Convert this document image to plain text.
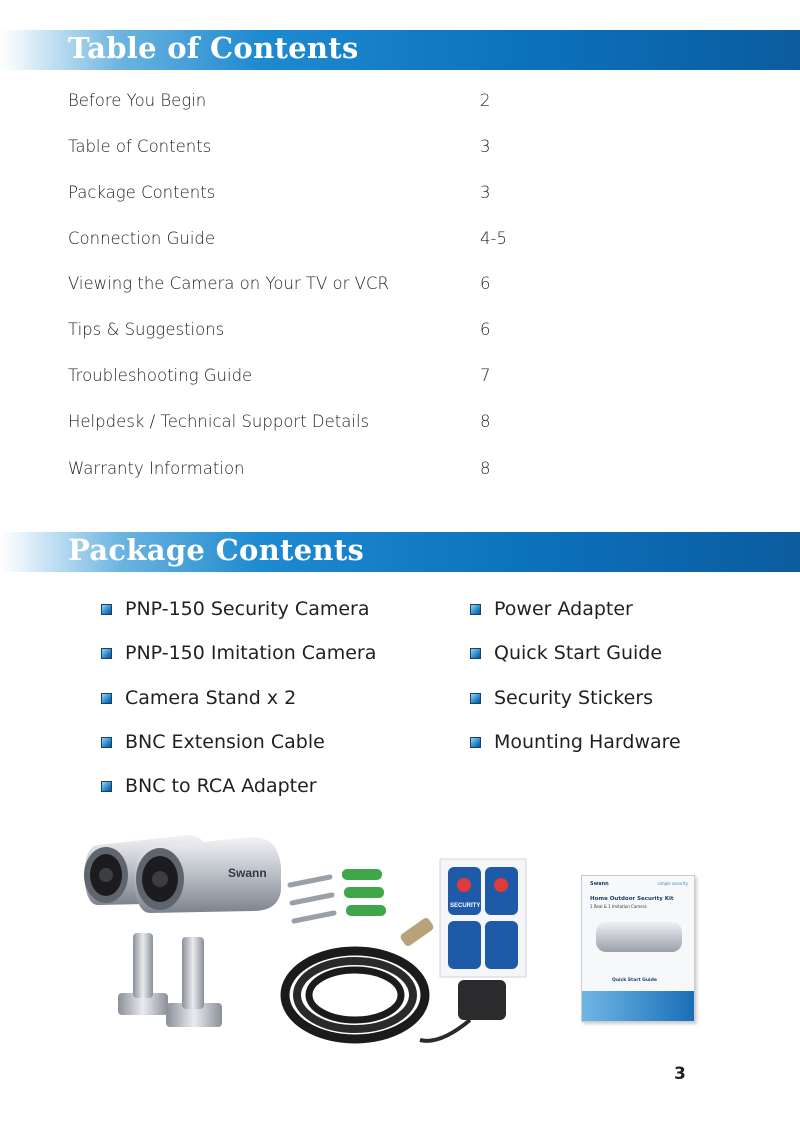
Table of Contents
Before You Begin	2
Table of Contents	3
Package Contents	3
Connection Guide	4-5
Viewing the Camera on Your TV or VCR	6
Tips & Suggestions	6
Troubleshooting Guide	7
Helpdesk / Technical Support Details	8
Warranty Information	8
Package Contents
PNP-150 Security Camera
PNP-150 Imitation Camera
Camera Stand x 2
BNC Extension Cable
BNC to RCA Adapter
Power Adapter
Quick Start Guide
Security Stickers
Mounting Hardware
Swann
SECURITY
Swann	simple security
Home Outdoor Security Kit
1 Real & 1 Imitation Camera
Quick Start Guide
3
